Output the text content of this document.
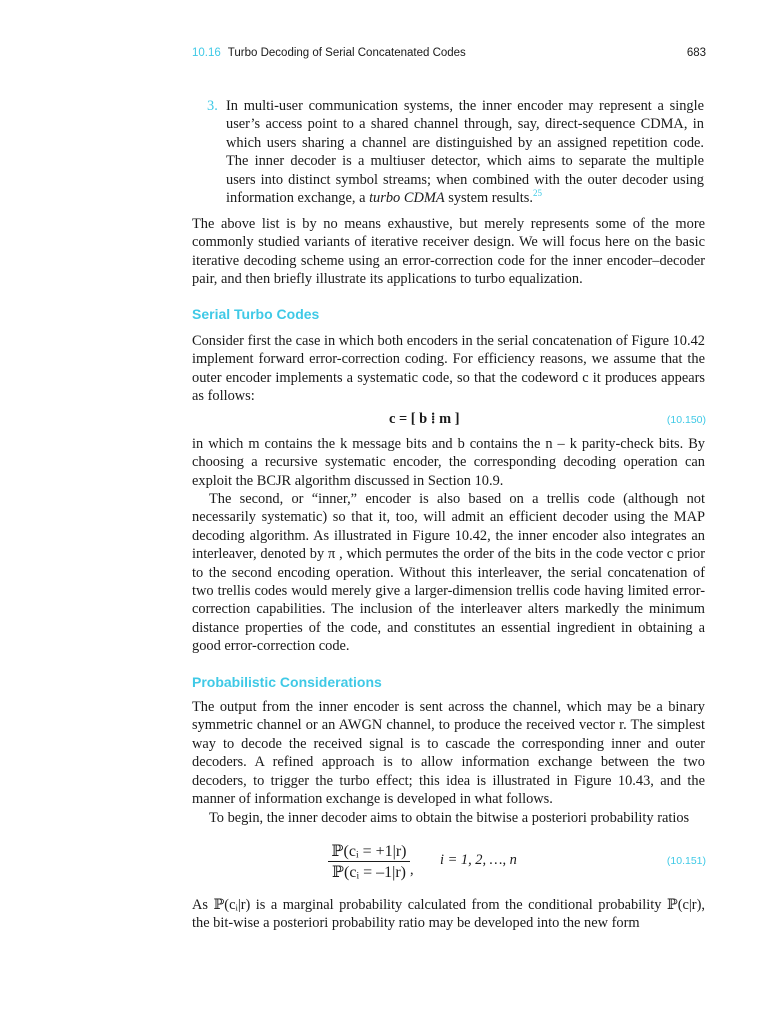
10.16 Turbo Decoding of Serial Concatenated Codes	683
3. In multi-user communication systems, the inner encoder may represent a single user’s access point to a shared channel through, say, direct-sequence CDMA, in which users sharing a channel are distinguished by an assigned repetition code. The inner decoder is a multiuser detector, which aims to separate the multiple users into distinct symbol streams; when combined with the outer decoder using information exchange, a turbo CDMA system results.$^{25}$

The above list is by no means exhaustive, but merely represents some of the more commonly studied variants of iterative receiver design. We will focus here on the basic iterative decoding scheme using an error-correction code for the inner encoder–decoder pair, and then briefly illustrate its applications to turbo equalization.

Serial Turbo Codes

Consider first the case in which both encoders in the serial concatenation of Figure 10.42 implement forward error-correction coding. For efficiency reasons, we assume that the outer encoder implements a systematic code, so that the codeword c it produces appears as follows:

c = [ b ⁞ m ]	(10.150)

in which m contains the k message bits and b contains the n – k parity-check bits. By choosing a recursive systematic encoder, the corresponding decoding operation can exploit the BCJR algorithm discussed in Section 10.9.

The second, or “inner,” encoder is also based on a trellis code (although not necessarily systematic) so that it, too, will admit an efficient decoder using the MAP decoding algorithm. As illustrated in Figure 10.42, the inner encoder also integrates an interleaver, denoted by π , which permutes the order of the bits in the code vector c prior to the second encoding operation. Without this interleaver, the serial concatenation of two trellis codes would merely give a larger-dimension trellis code having limited error-correction capabilities. The inclusion of the interleaver alters markedly the minimum distance properties of the code, and constitutes an essential ingredient in obtaining a good error-correction code.

Probabilistic Considerations

The output from the inner encoder is sent across the channel, which may be a binary symmetric channel or an AWGN channel, to produce the received vector r. The simplest way to decode the received signal is to cascade the corresponding inner and outer decoders. A refined approach is to allow information exchange between the two decoders, to trigger the turbo effect; this idea is illustrated in Figure 10.43, and the manner of information exchange is developed in what follows.

To begin, the inner decoder aims to obtain the bitwise a posteriori probability ratios

ℙ(cᵢ = +1|r)
ℙ(cᵢ = –1|r) ,
i = 1, 2, …, n	(10.151)

As ℙ(cᵢ|r) is a marginal probability calculated from the conditional probability ℙ(c|r), the bit-wise a posteriori probability ratio may be developed into the new form
